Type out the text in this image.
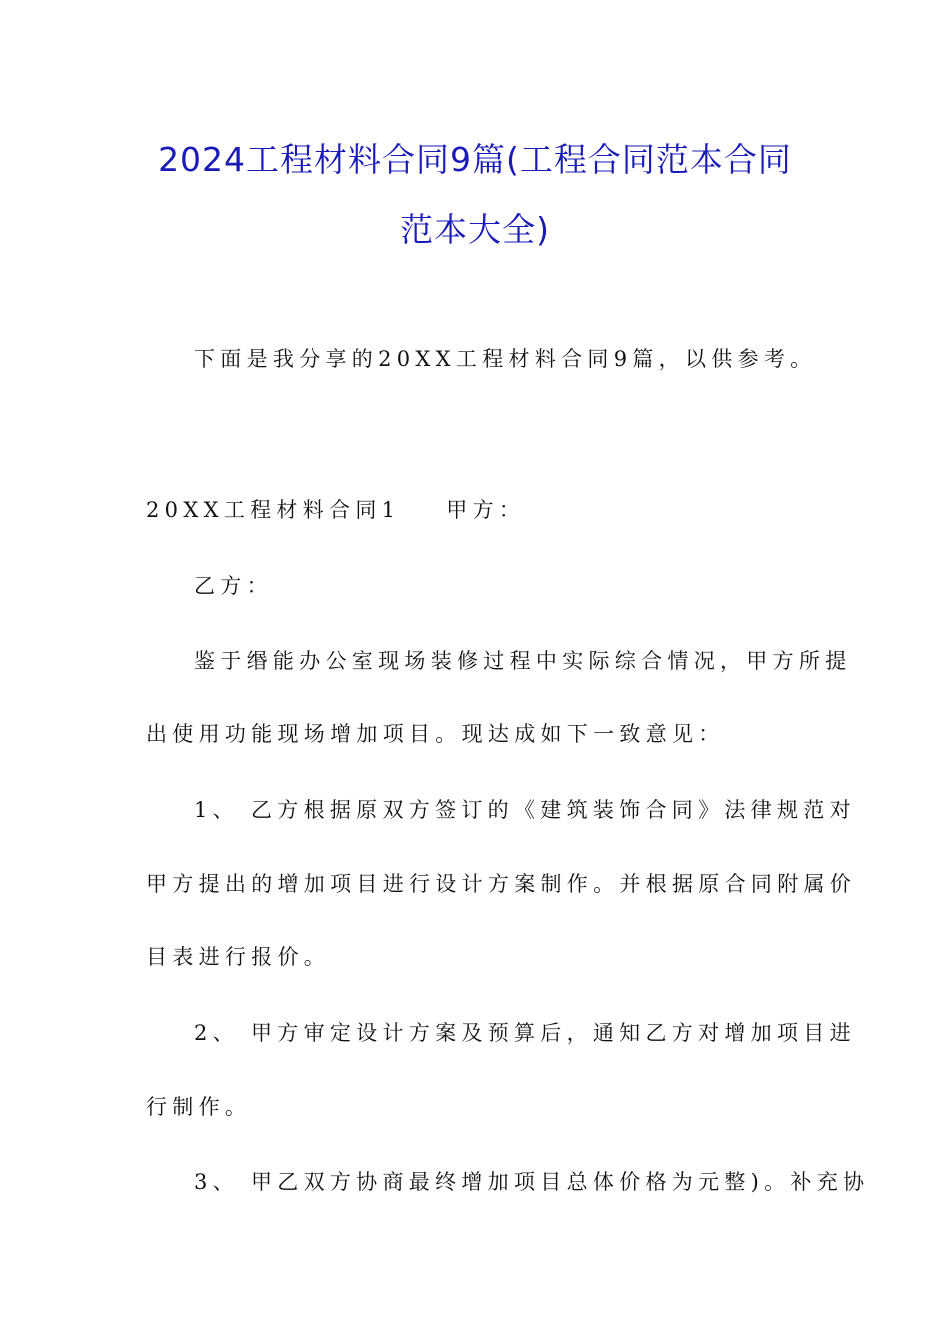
2024工程材料合同9篇(工程合同范本合同
范本大全)
下面是我分享的20XX工程材料合同9篇，以供参考。
20XX工程材料合同1 甲方：
乙方：
鉴于缗能办公室现场装修过程中实际综合情况，甲方所提
出使用功能现场增加项目。现达成如下一致意见：
1、 乙方根据原双方签订的《建筑装饰合同》法律规范对
甲方提出的增加项目进行设计方案制作。并根据原合同附属价
目表进行报价。
2、 甲方审定设计方案及预算后，通知乙方对增加项目进
行制作。
3、 甲乙双方协商最终增加项目总体价格为元整)。补充协
